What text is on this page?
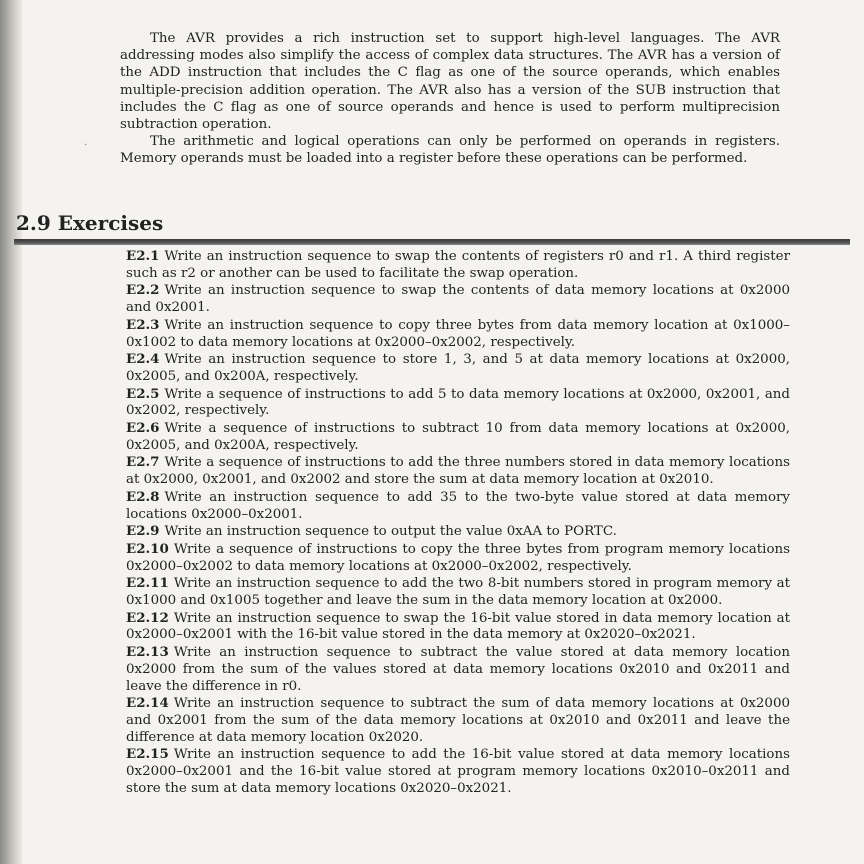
·

The AVR provides a rich instruction set to support high-level languages. The AVR addressing modes also simplify the access of complex data structures. The AVR has a version of the ADD instruction that includes the C flag as one of the source operands, which enables multiple-precision addition operation. The AVR also has a version of the SUB instruction that includes the C flag as one of source operands and hence is used to perform multiprecision subtraction operation.

The arithmetic and logical operations can only be performed on operands in registers. Memory operands must be loaded into a register before these operations can be performed.

2.9 Exercises

E2.1 Write an instruction sequence to swap the contents of registers r0 and r1. A third register such as r2 or another can be used to facilitate the swap operation.

E2.2 Write an instruction sequence to swap the contents of data memory locations at 0x2000 and 0x2001.

E2.3 Write an instruction sequence to copy three bytes from data memory location at 0x1000–0x1002 to data memory locations at 0x2000–0x2002, respectively.

E2.4 Write an instruction sequence to store 1, 3, and 5 at data memory locations at 0x2000, 0x2005, and 0x200A, respectively.

E2.5 Write a sequence of instructions to add 5 to data memory locations at 0x2000, 0x2001, and 0x2002, respectively.

E2.6 Write a sequence of instructions to subtract 10 from data memory locations at 0x2000, 0x2005, and 0x200A, respectively.

E2.7 Write a sequence of instructions to add the three numbers stored in data memory locations at 0x2000, 0x2001, and 0x2002 and store the sum at data memory location at 0x2010.

E2.8 Write an instruction sequence to add 35 to the two-byte value stored at data memory locations 0x2000–0x2001.

E2.9 Write an instruction sequence to output the value 0xAA to PORTC.

E2.10 Write a sequence of instructions to copy the three bytes from program memory locations 0x2000–0x2002 to data memory locations at 0x2000–0x2002, respectively.

E2.11 Write an instruction sequence to add the two 8-bit numbers stored in program memory at 0x1000 and 0x1005 together and leave the sum in the data memory location at 0x2000.

E2.12 Write an instruction sequence to swap the 16-bit value stored in data memory location at 0x2000–0x2001 with the 16-bit value stored in the data memory at 0x2020–0x2021.

E2.13 Write an instruction sequence to subtract the value stored at data memory location 0x2000 from the sum of the values stored at data memory locations 0x2010 and 0x2011 and leave the difference in r0.

E2.14 Write an instruction sequence to subtract the sum of data memory locations at 0x2000 and 0x2001 from the sum of the data memory locations at 0x2010 and 0x2011 and leave the difference at data memory location 0x2020.

E2.15 Write an instruction sequence to add the 16-bit value stored at data memory locations 0x2000–0x2001 and the 16-bit value stored at program memory locations 0x2010–0x2011 and store the sum at data memory locations 0x2020–0x2021.
